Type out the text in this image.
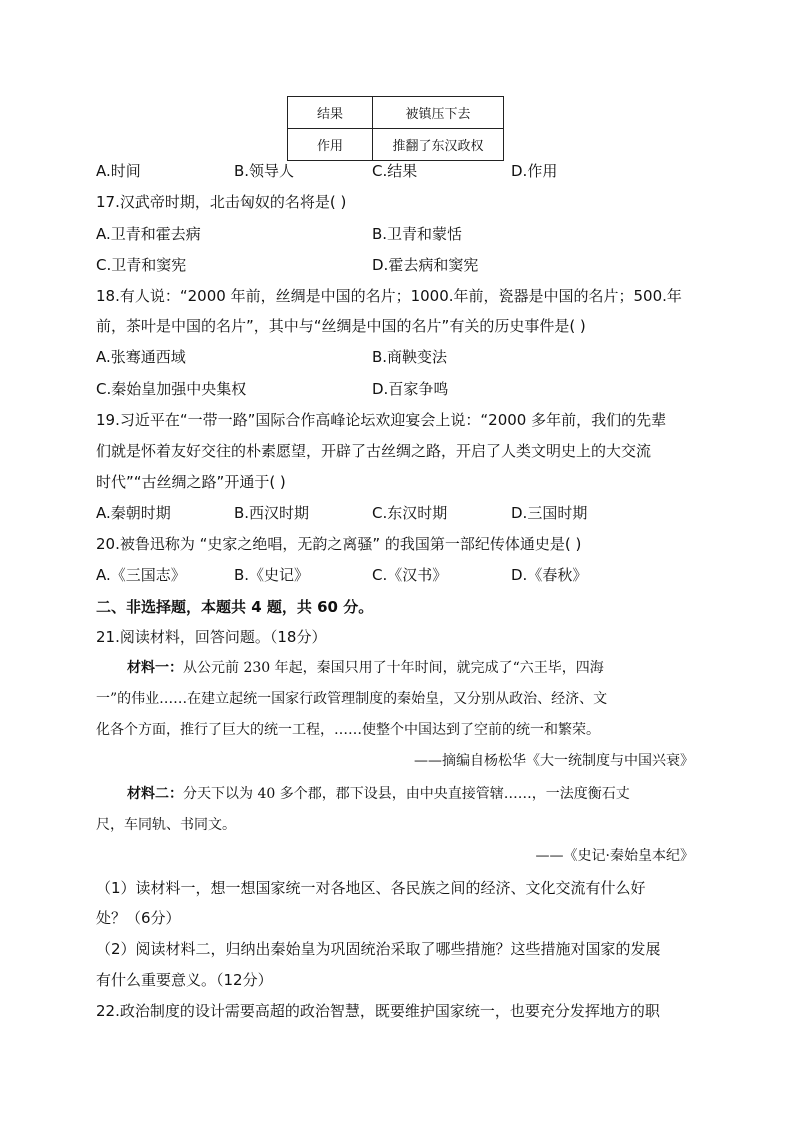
结果	被镇压下去
作用	推翻了东汉政权
A.时间	B.领导人	C.结果	D.作用
17.汉武帝时期，北击匈奴的名将是( )
A.卫青和霍去病	B.卫青和蒙恬
C.卫青和窦宪	D.霍去病和窦宪
18.有人说：“2000 年前，丝绸是中国的名片；1000.年前，瓷器是中国的名片；500.年
前，茶叶是中国的名片”，其中与“丝绸是中国的名片”有关的历史事件是( )
A.张骞通西域	B.商鞅变法
C.秦始皇加强中央集权	D.百家争鸣
19.习近平在“一带一路”国际合作高峰论坛欢迎宴会上说：“2000 多年前，我们的先辈
们就是怀着友好交往的朴素愿望，开辟了古丝绸之路，开启了人类文明史上的大交流
时代”“古丝绸之路”开通于( )
A.秦朝时期	B.西汉时期	C.东汉时期	D.三国时期
20.被鲁迅称为 “史家之绝唱，无韵之离骚” 的我国第一部纪传体通史是( )
A.《三国志》	B.《史记》	C.《汉书》	D.《春秋》
二、非选择题，本题共 4 题，共 60 分。
21.阅读材料，回答问题。（18分）
材料一：从公元前 230 年起，秦国只用了十年时间，就完成了“六王毕，四海
一”的伟业……在建立起统一国家行政管理制度的秦始皇，又分别从政治、经济、文
化各个方面，推行了巨大的统一工程，……使整个中国达到了空前的统一和繁荣。
——摘编自杨松华《大一统制度与中国兴衰》
材料二：分天下以为 40 多个郡，郡下设县，由中央直接管辖……，一法度衡石丈
尺，车同轨、书同文。
——《史记·秦始皇本纪》
（1）读材料一，想一想国家统一对各地区、各民族之间的经济、文化交流有什么好
处？（6分）
（2）阅读材料二，归纳出秦始皇为巩固统治采取了哪些措施？这些措施对国家的发展
有什么重要意义。（12分）
22.政治制度的设计需要高超的政治智慧，既要维护国家统一，也要充分发挥地方的职
